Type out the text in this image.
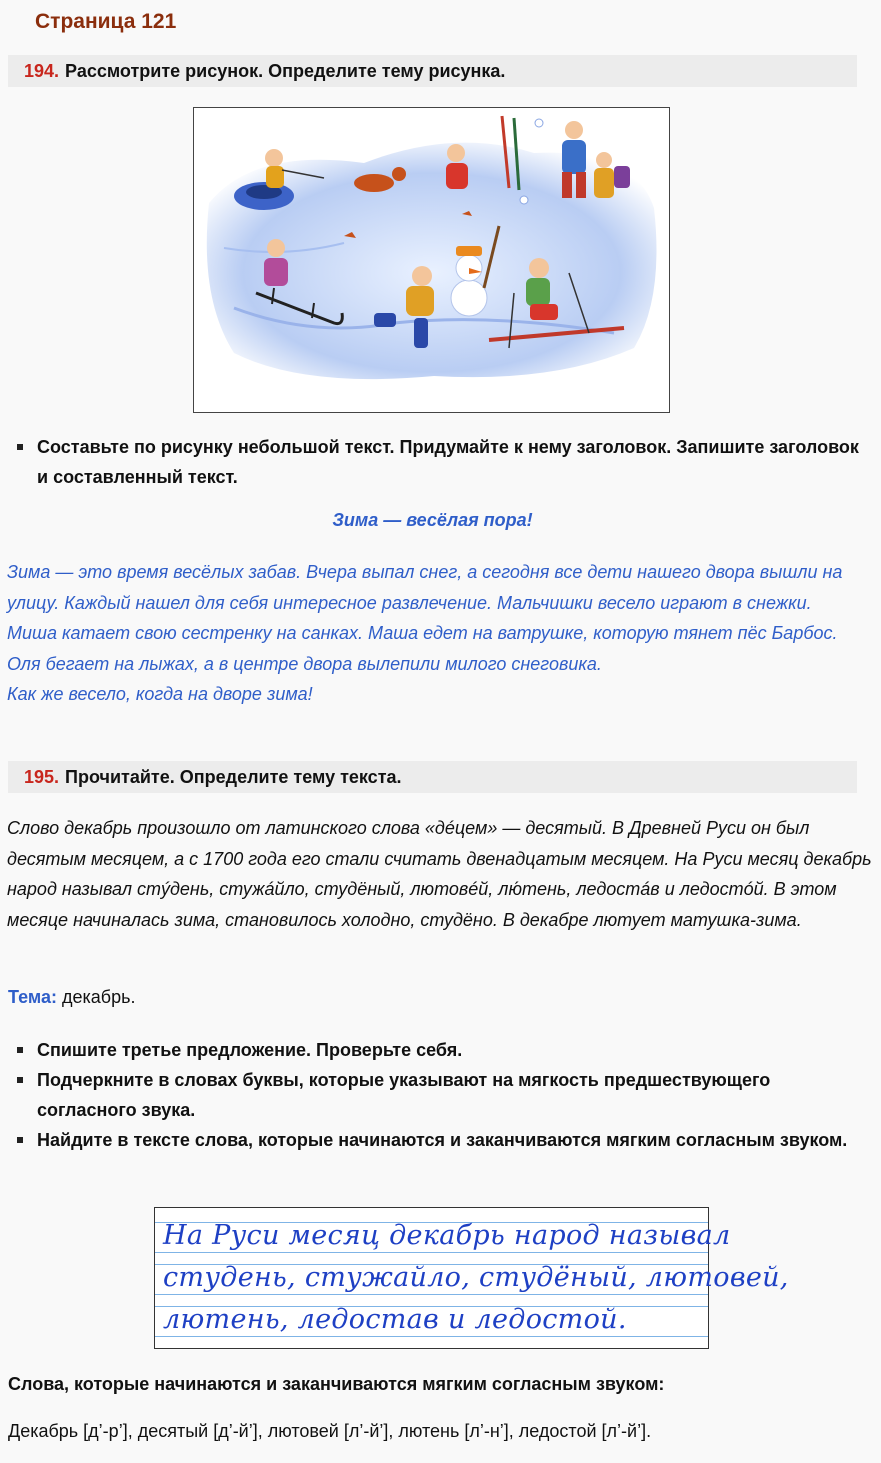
Страница 121
194. Рассмотрите рисунок. Определите тему рисунка.
Составьте по рисунку небольшой текст. Придумайте к нему заголовок. Запишите заголовок и составленный текст.
Зима — весёлая пора!

Зима — это время весёлых забав. Вчера выпал снег, а сегодня все дети нашего двора вышли на улицу. Каждый нашел для себя интересное развлечение. Мальчишки весело играют в снежки. Миша катает свою сестренку на санках. Маша едет на ватрушке, которую тянет пёс Барбос. Оля бегает на лыжах, а в центре двора вылепили милого снеговика.

Как же весело, когда на дворе зима!

195. Прочитайте. Определите тему текста.
Слово декабрь произошло от латинского слова «дéцем» — десятый. В Древней Руси он был десятым месяцем, а с 1700 года его стали считать двенадцатым месяцем. На Руси месяц декабрь народ называл стýдень, стужáйло, студёный, лютовéй, лю́тень, ледостáв и ледостóй. В этом месяце начиналась зима, становилось холодно, студёно. В декабре лютует матушка-зима.
Тема: декабрь.
Спишите третье предложение. Проверьте себя.
Подчеркните в словах буквы, которые указывают на мягкость предшествующего согласного звука.
Найдите в тексте слова, которые начинаются и заканчиваются мягким согласным звуком.
На Руси месяц декабрь народ называл
студень, стужайло, студёный, лютовей,
лютень, ледостав и ледостой.
Слова, которые начинаются и заканчиваются мягким согласным звуком:
Декабрь [д’-р’], десятый [д’-й’], лютовей [л’-й’], лютень [л’-н’], ледостой [л’-й’].
